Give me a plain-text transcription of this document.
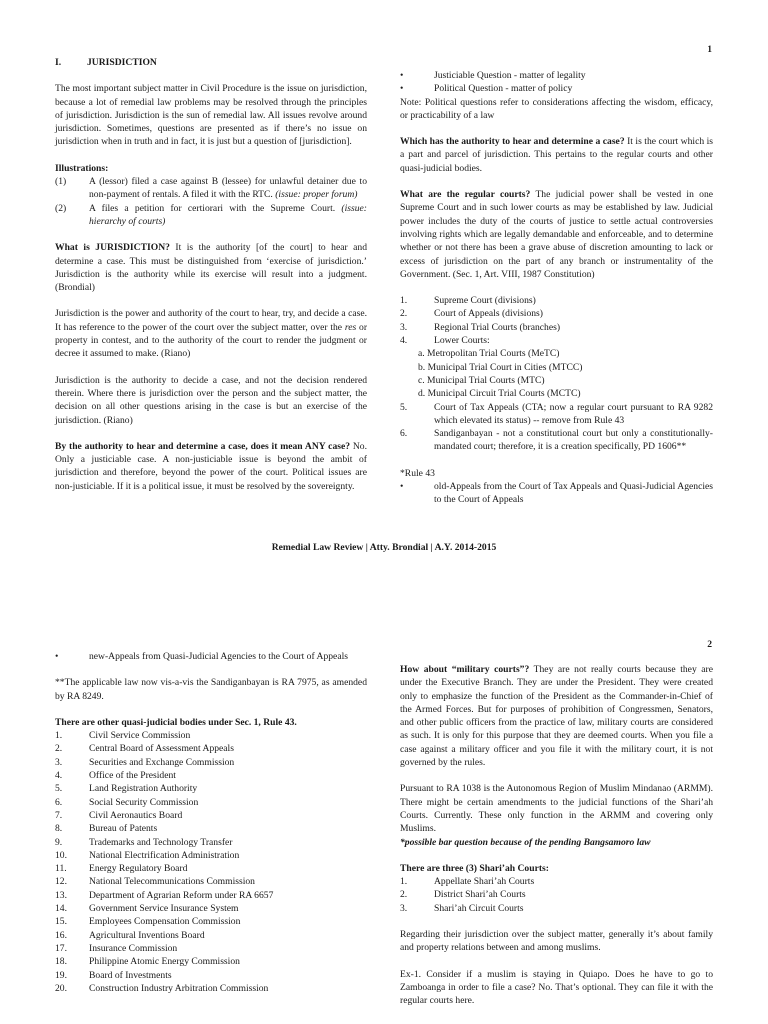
1
I.	JURISDICTION

The most important subject matter in Civil Procedure is the issue on jurisdiction, because a lot of remedial law problems may be resolved through the principles of jurisdiction. Jurisdiction is the sun of remedial law. All issues revolve around jurisdiction. Sometimes, questions are presented as if there’s no issue on jurisdiction when in truth and in fact, it is just but a question of [jurisdiction].

Illustrations:
(1)	A (lessor) filed a case against B (lessee) for unlawful detainer due to non-payment of rentals. A filed it with the RTC. (issue: proper forum)
(2)	A files a petition for certiorari with the Supreme Court. (issue: hierarchy of courts)

What is JURISDICTION? It is the authority [of the court] to hear and determine a case. This must be distinguished from ‘exercise of jurisdiction.’ Jurisdiction is the authority while its exercise will result into a judgment. (Brondial)

Jurisdiction is the power and authority of the court to hear, try, and decide a case. It has reference to the power of the court over the subject matter, over the res or property in contest, and to the authority of the court to render the judgment or decree it assumed to make. (Riano)

Jurisdiction is the authority to decide a case, and not the decision rendered therein. Where there is jurisdiction over the person and the subject matter, the decision on all other questions arising in the case is but an exercise of the jurisdiction. (Riano)

By the authority to hear and determine a case, does it mean ANY case? No. Only a justiciable case. A non-justiciable issue is beyond the ambit of jurisdiction and therefore, beyond the power of the court. Political issues are non-justiciable. If it is a political issue, it must be resolved by the sovereignty.

•	Justiciable Question - matter of legality
•	Political Question - matter of policy

Note: Political questions refer to considerations affecting the wisdom, efficacy, or practicability of a law

Which has the authority to hear and determine a case? It is the court which is a part and parcel of jurisdiction. This pertains to the regular courts and other quasi-judicial bodies.

What are the regular courts? The judicial power shall be vested in one Supreme Court and in such lower courts as may be established by law. Judicial power includes the duty of the courts of justice to settle actual controversies involving rights which are legally demandable and enforceable, and to determine whether or not there has been a grave abuse of discretion amounting to lack or excess of jurisdiction on the part of any branch or instrumentality of the Government. (Sec. 1, Art. VIII, 1987 Constitution)

1.	Supreme Court (divisions)
2.	Court of Appeals (divisions)
3.	Regional Trial Courts (branches)
4.	Lower Courts:
a. Metropolitan Trial Courts (MeTC)
b. Municipal Trial Court in Cities (MTCC)
c. Municipal Trial Courts (MTC)
d. Municipal Circuit Trial Courts (MCTC)
5.	Court of Tax Appeals (CTA; now a regular court pursuant to RA 9282 which elevated its status) -- remove from Rule 43
6.	Sandiganbayan - not a constitutional court but only a constitutionally-mandated court; therefore, it is a creation specifically, PD 1606**
*Rule 43
•	old-Appeals from the Court of Tax Appeals and Quasi-Judicial Agencies to the Court of Appeals
Remedial Law Review | Atty. Brondial | A.Y. 2014-2015
2
•	new-Appeals from Quasi-Judicial Agencies to the Court of Appeals

**The applicable law now vis-a-vis the Sandiganbayan is RA 7975, as amended by RA 8249.

There are other quasi-judicial bodies under Sec. 1, Rule 43.
1.	Civil Service Commission
2.	Central Board of Assessment Appeals
3.	Securities and Exchange Commission
4.	Office of the President
5.	Land Registration Authority
6.	Social Security Commission
7.	Civil Aeronautics Board
8.	Bureau of Patents
9.	Trademarks and Technology Transfer
10.	National Electrification Administration
11.	Energy Regulatory Board
12.	National Telecommunications Commission
13.	Department of Agrarian Reform under RA 6657
14.	Government Service Insurance System
15.	Employees Compensation Commission
16.	Agricultural Inventions Board
17.	Insurance Commission
18.	Philippine Atomic Energy Commission
19.	Board of Investments
20.	Construction Industry Arbitration Commission

How about “military courts”? They are not really courts because they are under the Executive Branch. They are under the President. They were created only to emphasize the function of the President as the Commander-in-Chief of the Armed Forces. But for purposes of prohibition of Congressmen, Senators, and other public officers from the practice of law, military courts are considered as such. It is only for this purpose that they are deemed courts. When you file a case against a military officer and you file it with the military court, it is not governed by the rules.

Pursuant to RA 1038 is the Autonomous Region of Muslim Mindanao (ARMM). There might be certain amendments to the judicial functions of the Shari’ah Courts. Currently. These only function in the ARMM and covering only Muslims.

*possible bar question because of the pending Bangsamoro law
There are three (3) Shari’ah Courts:
1.	Appellate Shari’ah Courts
2.	District Shari’ah Courts
3.	Shari’ah Circuit Courts

Regarding their jurisdiction over the subject matter, generally it’s about family and property relations between and among muslims.

Ex-1. Consider if a muslim is staying in Quiapo. Does he have to go to Zamboanga in order to file a case? No. That’s optional. They can file it with the regular courts here.
